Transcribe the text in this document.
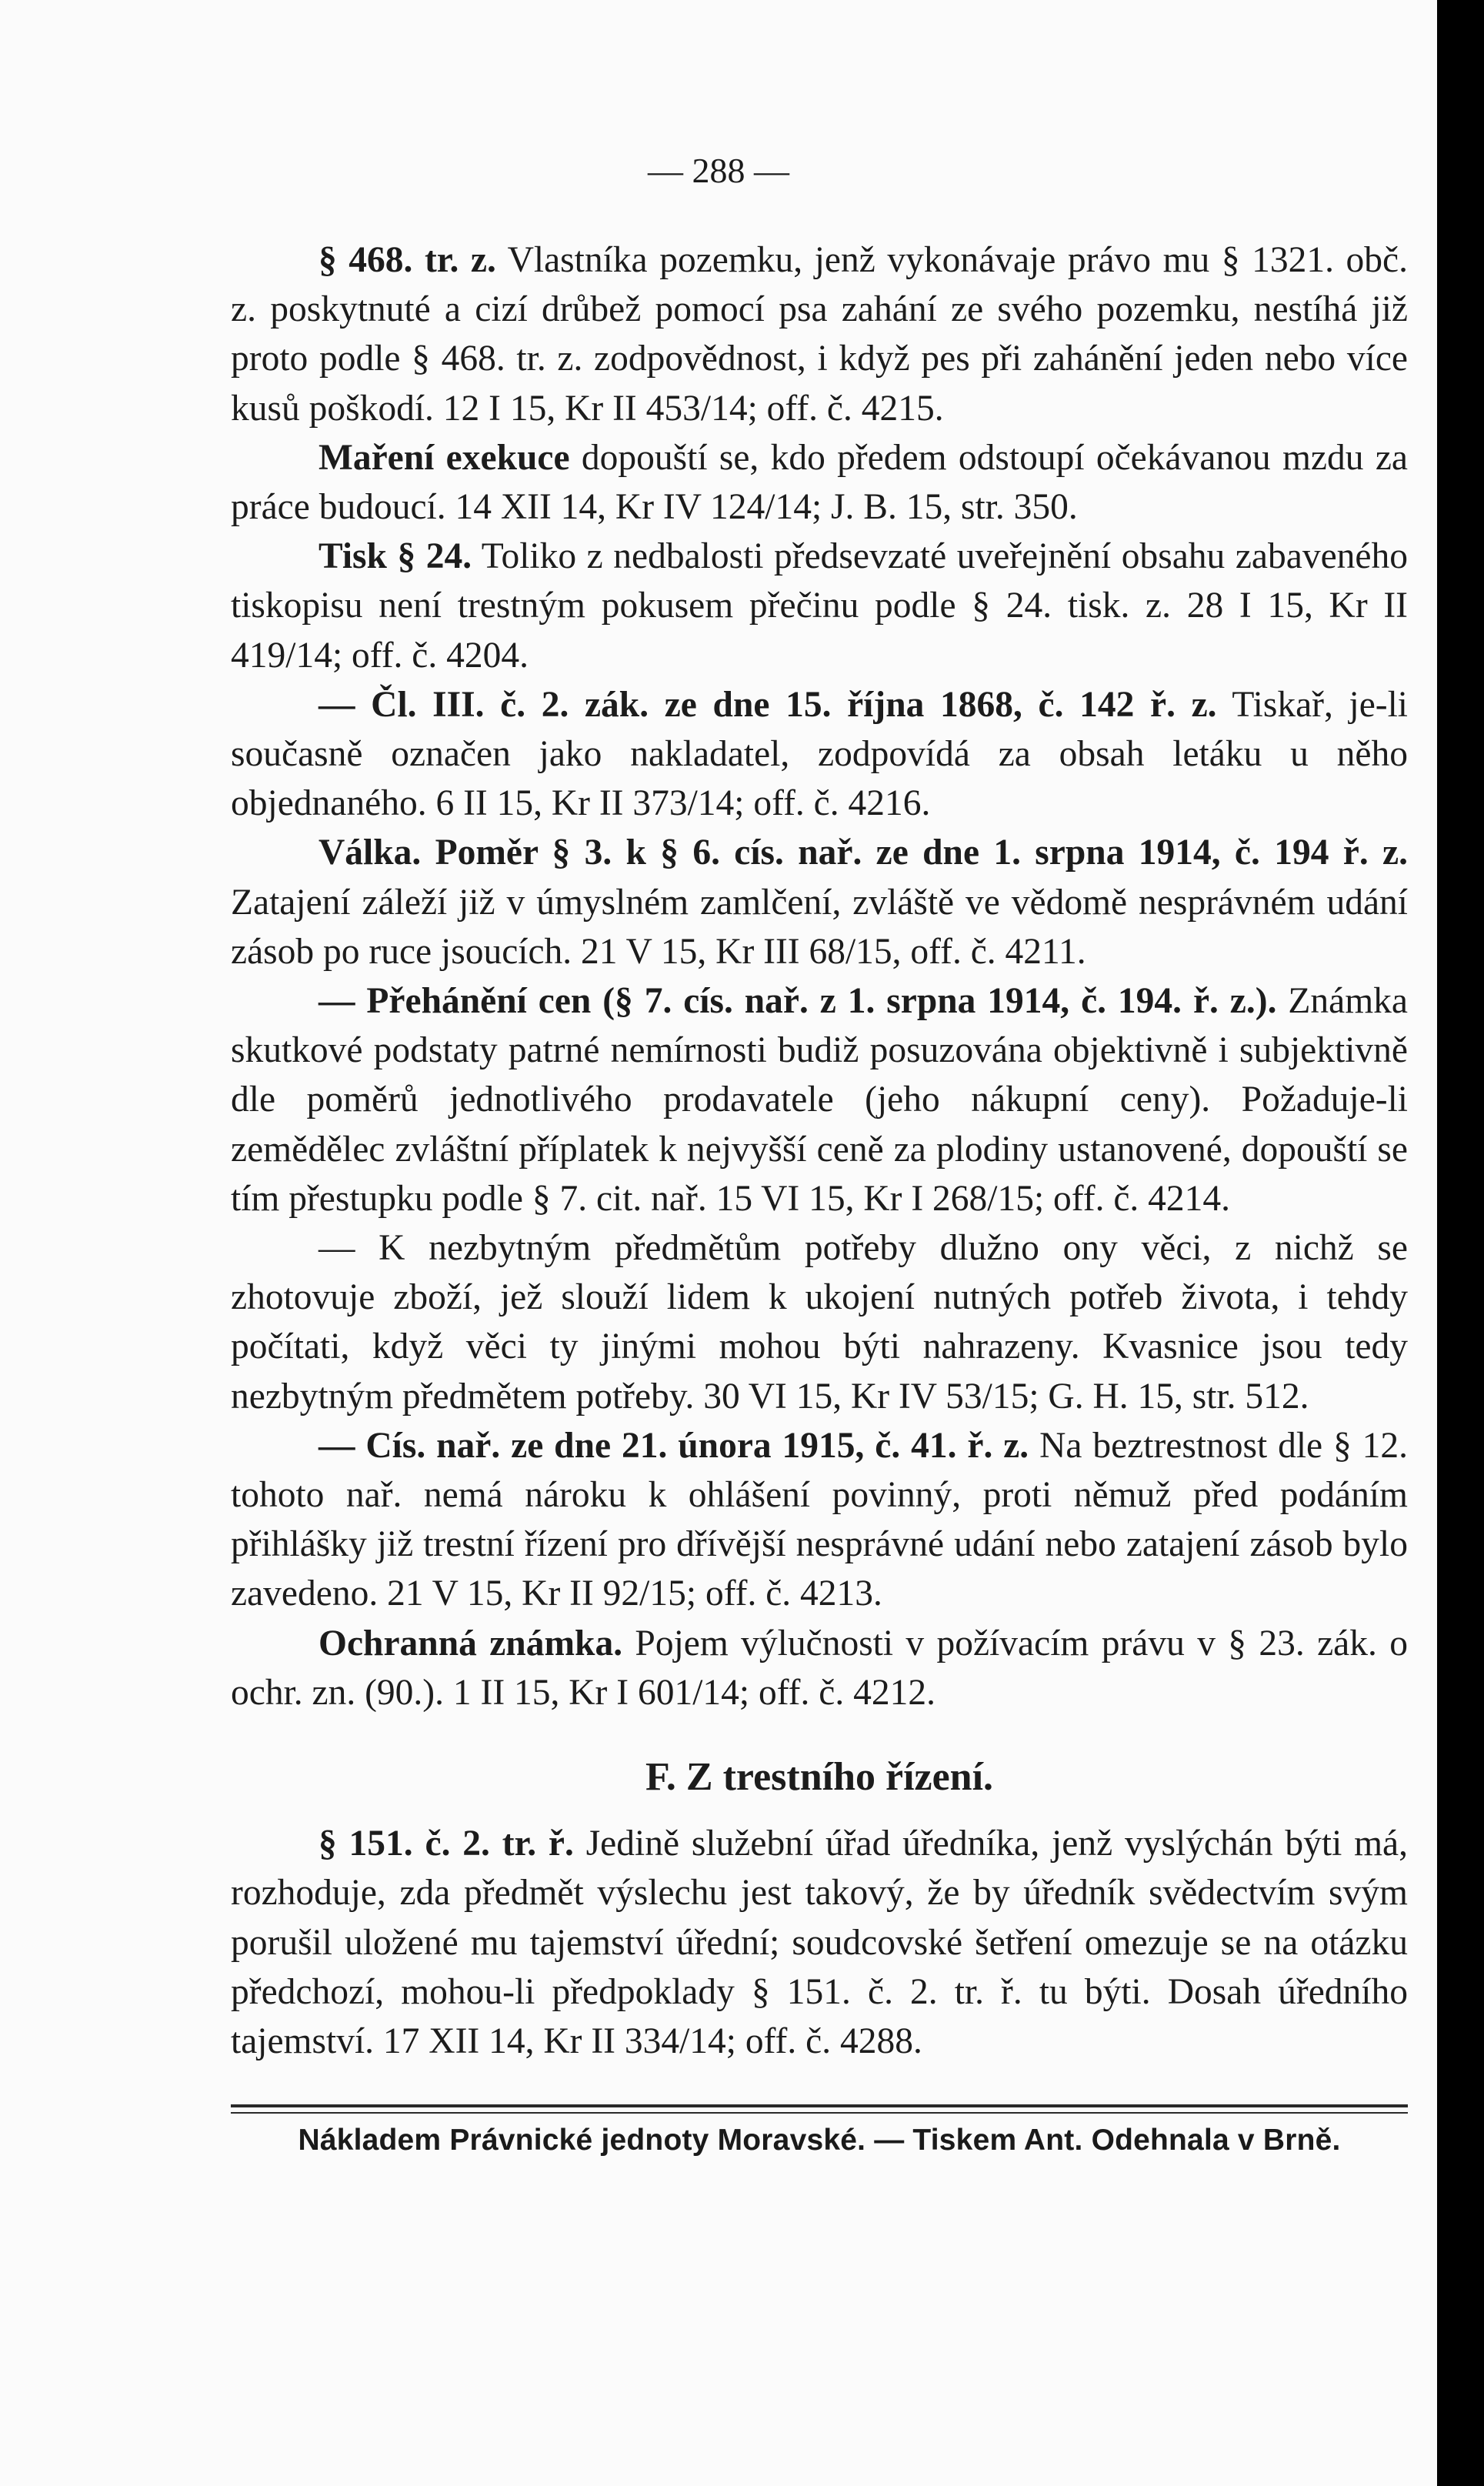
— 288 —

§ 468. tr. z. Vlastníka pozemku, jenž vykonávaje právo mu § 1321. obč. z. poskytnuté a cizí drůbež pomocí psa zahání ze svého pozemku, nestíhá již proto podle § 468. tr. z. zodpovědnost, i když pes při zahánění jeden nebo více kusů poškodí. 12 I 15, Kr II 453/14; off. č. 4215.

Maření exekuce dopouští se, kdo předem odstoupí očekávanou mzdu za práce budoucí. 14 XII 14, Kr IV 124/14; J. B. 15, str. 350.

Tisk § 24. Toliko z nedbalosti předsevzaté uveřejnění obsahu zabaveného tiskopisu není trestným pokusem přečinu podle § 24. tisk. z. 28 I 15, Kr II 419/14; off. č. 4204.

— Čl. III. č. 2. zák. ze dne 15. října 1868, č. 142 ř. z. Tiskař, je-li současně označen jako nakladatel, zodpovídá za obsah letáku u něho objednaného. 6 II 15, Kr II 373/14; off. č. 4216.

Válka. Poměr § 3. k § 6. cís. nař. ze dne 1. srpna 1914, č. 194 ř. z. Zatajení záleží již v úmyslném zamlčení, zvláště ve vědomě nesprávném udání zásob po ruce jsoucích. 21 V 15, Kr III 68/15, off. č. 4211.

— Přehánění cen (§ 7. cís. nař. z 1. srpna 1914, č. 194. ř. z.). Známka skutkové podstaty patrné nemírnosti budiž posuzována objektivně i subjektivně dle poměrů jednotlivého prodavatele (jeho nákupní ceny). Požaduje-li zemědělec zvláštní příplatek k nejvyšší ceně za plodiny ustanovené, dopouští se tím přestupku podle § 7. cit. nař. 15 VI 15, Kr I 268/15; off. č. 4214.

— K nezbytným předmětům potřeby dlužno ony věci, z nichž se zhotovuje zboží, jež slouží lidem k ukojení nutných potřeb života, i tehdy počítati, když věci ty jinými mohou býti nahrazeny. Kvasnice jsou tedy nezbytným předmětem potřeby. 30 VI 15, Kr IV 53/15; G. H. 15, str. 512.

— Cís. nař. ze dne 21. února 1915, č. 41. ř. z. Na beztrestnost dle § 12. tohoto nař. nemá nároku k ohlášení povinný, proti němuž před podáním přihlášky již trestní řízení pro dřívější nesprávné udání nebo zatajení zásob bylo zavedeno. 21 V 15, Kr II 92/15; off. č. 4213.

Ochranná známka. Pojem výlučnosti v požívacím právu v § 23. zák. o ochr. zn. (90.). 1 II 15, Kr I 601/14; off. č. 4212.

F. Z trestního řízení.

§ 151. č. 2. tr. ř. Jedině služební úřad úředníka, jenž vyslýchán býti má, rozhoduje, zda předmět výslechu jest takový, že by úředník svědectvím svým porušil uložené mu tajemství úřední; soudcovské šetření omezuje se na otázku předchozí, mohou-li předpoklady § 151. č. 2. tr. ř. tu býti. Dosah úředního tajemství. 17 XII 14, Kr II 334/14; off. č. 4288.

Nákladem Právnické jednoty Moravské. — Tiskem Ant. Odehnala v Brně.
